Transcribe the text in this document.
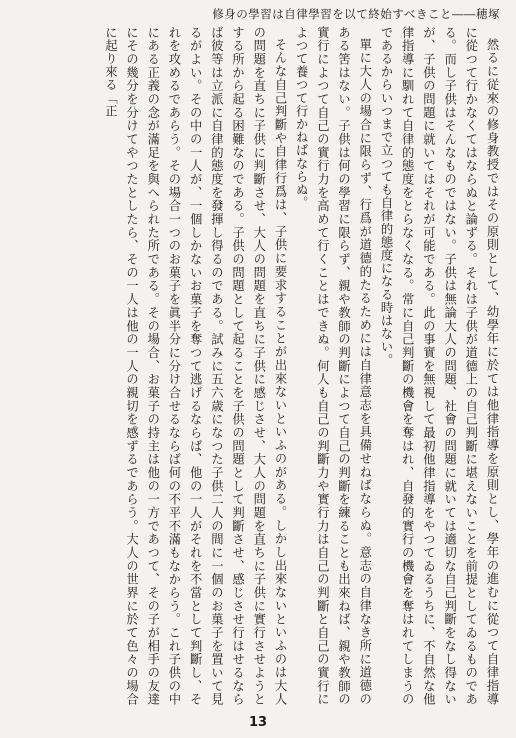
修身の學習は自律學習を以て終始すべきこと――穂塚

然るに従來の修身教授ではその原則として、幼學年に於ては他律指導を原則とし、學年の進むに從つて自律指導に從つて行かなくてはならぬと論ずる。それは子供が道德上の自己判斷に堪えないことを前提としてゐるものである。而し子供はそんなものではない。子供は無論大人の問題、社會の問題に就いては適切な自己判斷をなし得ないが、子供の問題に就いてはそれが可能である。此の事實を無視して最初他律指導をやつてゐるうちに、不自然な他律指導に馴れて自律的態度をとらなくなる。常に自己判斷の機會を奪はれ、自發的實行の機會を奪はれてしまうのであるからいつまで立つても自律的態度になる時はない。

單に大人の場合に限らず、行爲が道德的たるためには自律意志を具備せねばならぬ。意志の自律なき所に道德のある筈はない。子供は何の學習に限らず、親や教師の判斷によつて自己の判斷を練ることも出來ねば、親や教師の實行によつて自己の實行力を高めて行くことはできぬ。何人も自己の判斷力や實行力は自己の判斷と自己の實行によつて養つて行かねばならぬ。

そんな自己判斷や自律行爲は、子供に要求することが出來ないといふのがある。しかし出來ないといふのは大人の問題を直ちに子供に判斷させ、大人の問題を直ちに子供に感じさせ、大人の問題を直ちに子供に實行させようとする所から起る困難なのである。子供の問題として起ることを子供の問題として判斷させ、感じさせ行はせるならば彼等は立派に自律的態度を發揮し得るのである。試みに五六歳になつた子供二人の間に一個のお菓子を置いて見るがよい。その中の一人が、一個しかないお菓子を奪つて逃げるならば、他の一人がそれを不當として判斷し、それを攻めるであらう。その場合一つのお菓子を眞半分に分け合せるならば何の不平不滿もなからう。これ子供の中にある正義の念が滿足を與へられた所である。その場合、お菓子の持主は他の一方であつて、その子が相手の友達にその幾分を分けてやつたとしたら、その一人は他の一人の親切を感ずるであらう。大人の世界に於て色々の場合に起り來る「正

13
